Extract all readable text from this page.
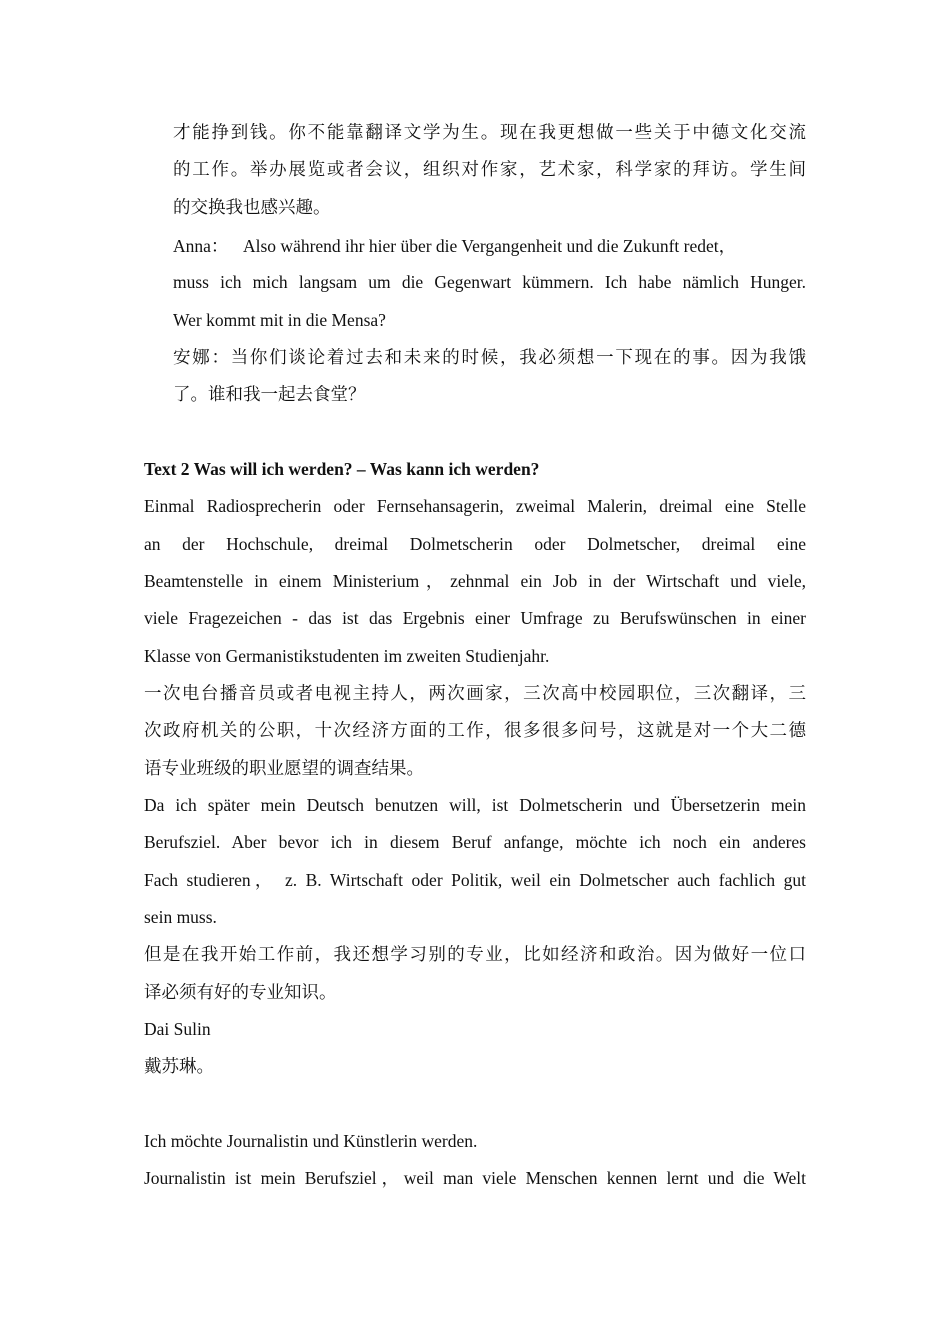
才能挣到钱。你不能靠翻译文学为生。现在我更想做一些关于中德文化交流

的工作。举办展览或者会议，组织对作家，艺术家，科学家的拜访。学生间

的交换我也感兴趣。

Anna： Also während ihr hier über die Vergangenheit und die Zukunft redet，

muss ich mich langsam um die Gegenwart kümmern. Ich habe nämlich Hunger.

Wer kommt mit in die Mensa?

安娜：当你们谈论着过去和未来的时候，我必须想一下现在的事。因为我饿

了。谁和我一起去食堂？

Text 2 Was will ich werden? – Was kann ich werden?

Einmal Radiosprecherin oder Fernsehansagerin, zweimal Malerin, dreimal eine Stelle

an der Hochschule, dreimal Dolmetscherin oder Dolmetscher, dreimal eine

Beamtenstelle in einem Ministerium，zehnmal ein Job in der Wirtschaft und viele,

viele Fragezeichen - das ist das Ergebnis einer Umfrage zu Berufswünschen in einer

Klasse von Germanistikstudenten im zweiten Studienjahr.

一次电台播音员或者电视主持人，两次画家，三次高中校园职位，三次翻译，三

次政府机关的公职，十次经济方面的工作，很多很多问号，这就是对一个大二德

语专业班级的职业愿望的调查结果。

Da ich später mein Deutsch benutzen will, ist Dolmetscherin und Übersetzerin mein

Berufsziel. Aber bevor ich in diesem Beruf anfange, möchte ich noch ein anderes

Fach studieren， z. B. Wirtschaft oder Politik, weil ein Dolmetscher auch fachlich gut

sein muss.

但是在我开始工作前，我还想学习别的专业，比如经济和政治。因为做好一位口

译必须有好的专业知识。

Dai Sulin

戴苏琳。

Ich möchte Journalistin und Künstlerin werden.

Journalistin ist mein Berufsziel，weil man viele Menschen kennen lernt und die Welt
